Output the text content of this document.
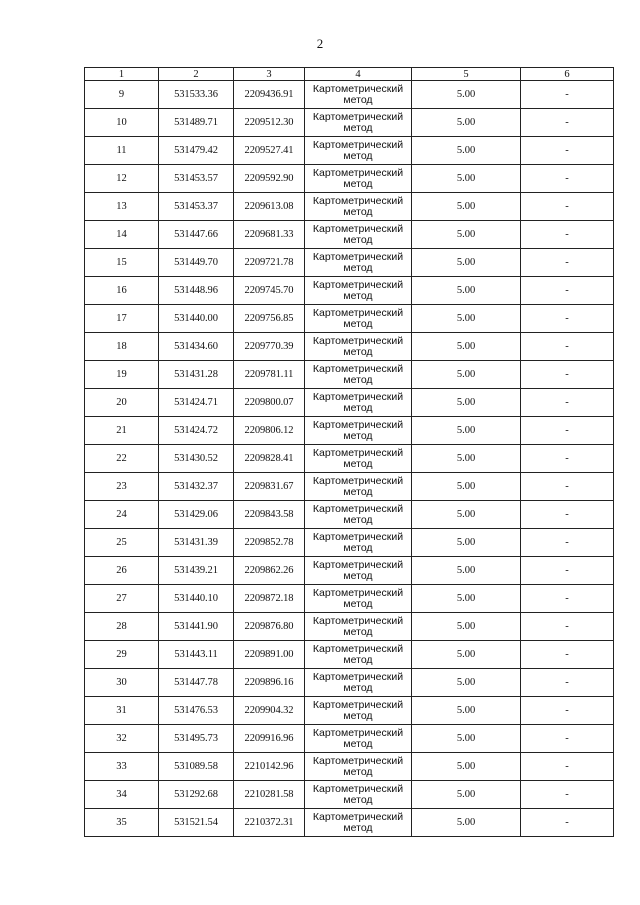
2
1	2	3	4	5	6
9	531533.36	2209436.91	Картометрический
метод	5.00	-
10	531489.71	2209512.30	Картометрический
метод	5.00	-
11	531479.42	2209527.41	Картометрический
метод	5.00	-
12	531453.57	2209592.90	Картометрический
метод	5.00	-
13	531453.37	2209613.08	Картометрический
метод	5.00	-
14	531447.66	2209681.33	Картометрический
метод	5.00	-
15	531449.70	2209721.78	Картометрический
метод	5.00	-
16	531448.96	2209745.70	Картометрический
метод	5.00	-
17	531440.00	2209756.85	Картометрический
метод	5.00	-
18	531434.60	2209770.39	Картометрический
метод	5.00	-
19	531431.28	2209781.11	Картометрический
метод	5.00	-
20	531424.71	2209800.07	Картометрический
метод	5.00	-
21	531424.72	2209806.12	Картометрический
метод	5.00	-
22	531430.52	2209828.41	Картометрический
метод	5.00	-
23	531432.37	2209831.67	Картометрический
метод	5.00	-
24	531429.06	2209843.58	Картометрический
метод	5.00	-
25	531431.39	2209852.78	Картометрический
метод	5.00	-
26	531439.21	2209862.26	Картометрический
метод	5.00	-
27	531440.10	2209872.18	Картометрический
метод	5.00	-
28	531441.90	2209876.80	Картометрический
метод	5.00	-
29	531443.11	2209891.00	Картометрический
метод	5.00	-
30	531447.78	2209896.16	Картометрический
метод	5.00	-
31	531476.53	2209904.32	Картометрический
метод	5.00	-
32	531495.73	2209916.96	Картометрический
метод	5.00	-
33	531089.58	2210142.96	Картометрический
метод	5.00	-
34	531292.68	2210281.58	Картометрический
метод	5.00	-
35	531521.54	2210372.31	Картометрический
метод	5.00	-
